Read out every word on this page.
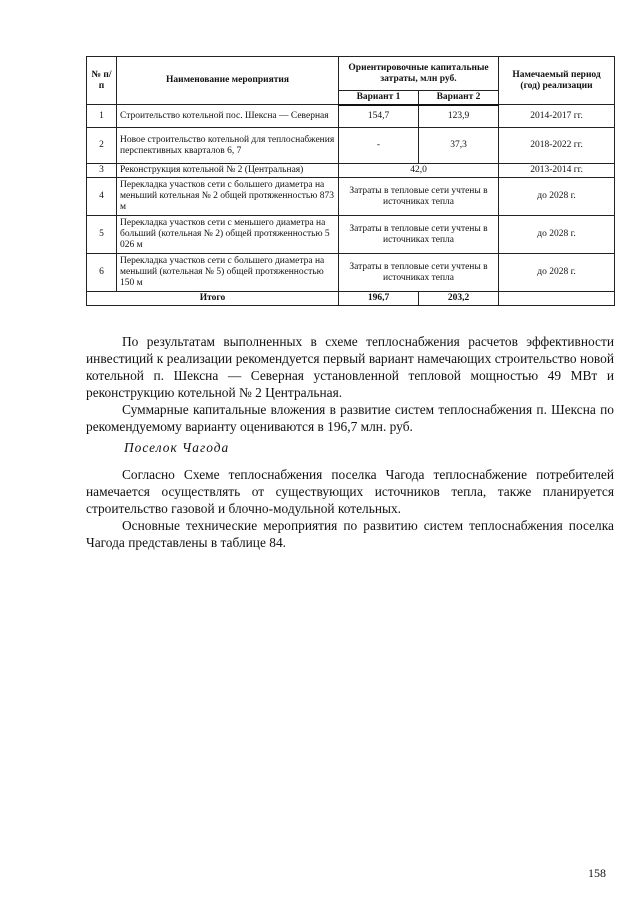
№ п/п	Наименование мероприятия	Ориентировочные капитальные затраты, млн руб.		Намечаемый период (год) реализации
		Вариант 1	Вариант 2	
1	Строительство котельной пос. Шексна — Северная	154,7	123,9	2014-2017 гг.
2	Новое строительство котельной для теплоснабжения перспективных кварталов 6, 7	-	37,3	2018-2022 гг.
3	Реконструкция котельной № 2 (Центральная)	42,0		2013-2014 гг.
4	Перекладка участков сети с большего диаметра на меньший котельная № 2 общей протяженностью 873 м	Затраты в тепловые сети учтены в источниках тепла		до 2028 г.
5	Перекладка участков сети с меньшего диаметра на больший (котельная № 2) общей протяженностью 5 026 м	Затраты в тепловые сети учтены в источниках тепла		до 2028 г.
6	Перекладка участков сети с большего диаметра на меньший (котельная № 5) общей протяженностью 150 м	Затраты в тепловые сети учтены в источниках тепла		до 2028 г.
Итого		196,7	203,2	

По результатам выполненных в схеме теплоснабжения расчетов эффективности инвестиций к реализации рекомендуется первый вариант намечающих строительство новой котельной п. Шексна — Северная установленной тепловой мощностью 49 МВт и реконструкцию котельной № 2 Центральная.

Суммарные капитальные вложения в развитие систем теплоснабжения п. Шексна по рекомендуемому варианту оцениваются в 196,7 млн. руб.

Поселок Чагода

Согласно Схеме теплоснабжения поселка Чагода теплоснабжение потребителей намечается осуществлять от существующих источников тепла, также планируется строительство газовой и блочно-модульной котельных.

Основные технические мероприятия по развитию систем теплоснабжения поселка Чагода представлены в таблице 84.

158
